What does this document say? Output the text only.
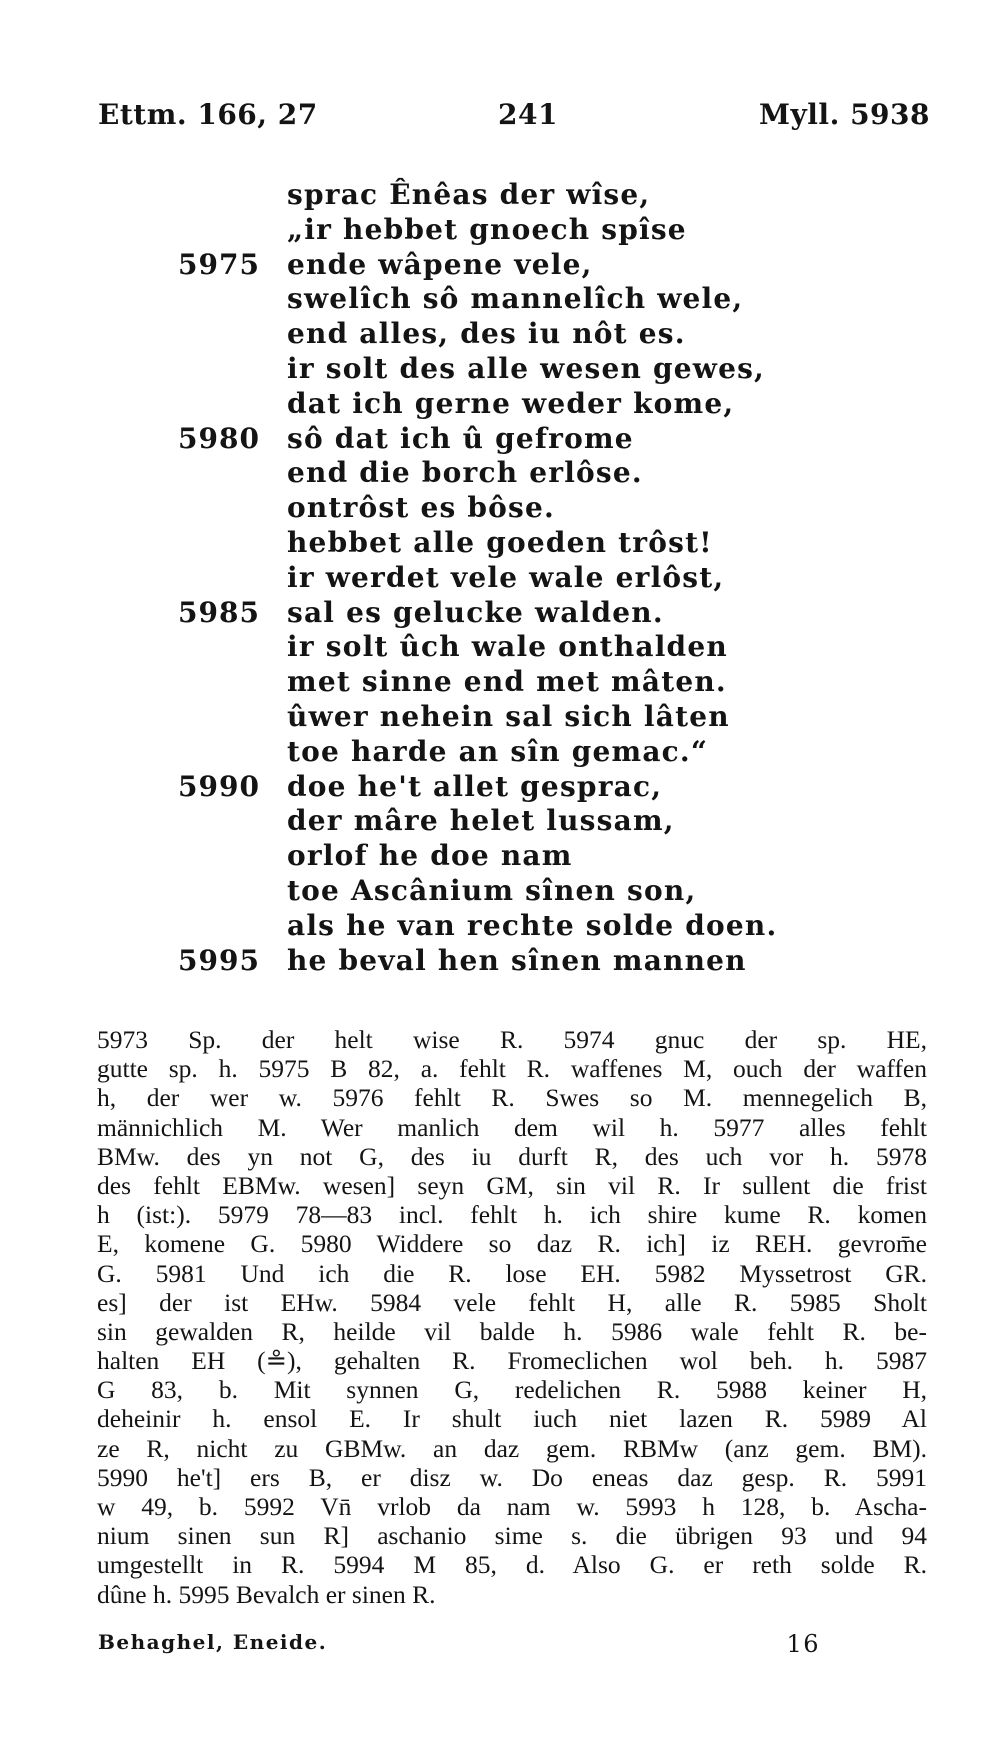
Ettm. 166, 27	241	Myll. 5938
sprac Ênêas der wîse,
„ir hebbet gnoech spîse
5975 ende wâpene vele,
swelîch sô mannelîch wele,
end alles, des iu nôt es.
ir solt des alle wesen gewes,
dat ich gerne weder kome,
5980 sô dat ich û gefrome
end die borch erlôse.
ontrôst es bôse.
hebbet alle goeden trôst!
ir werdet vele wale erlôst,
5985 sal es gelucke walden.
ir solt ûch wale onthalden
met sinne end met mâten.
ûwer nehein sal sich lâten
toe harde an sîn gemac.“
5990 doe he't allet gesprac,
der mâre helet lussam,
orlof he doe nam
toe Ascânium sînen son,
als he van rechte solde doen.
5995 he beval hen sînen mannen
5973 Sp. der helt wise R. 5974 gnuc der sp. HE,
gutte sp. h. 5975 B 82, a. fehlt R. waffenes M, ouch der waffen
h, der wer w. 5976 fehlt R. Swes so M. mennegelich B,
männichlich M. Wer manlich dem wil h. 5977 alles fehlt
BMw. des yn not G, des iu durft R, des uch vor h. 5978
des fehlt EBMw. wesen] seyn GM, sin vil R. Ir sullent die frist
h (ist:). 5979 78—83 incl. fehlt h. ich shire kume R. komen
E, komene G. 5980 Widdere so daz R. ich] iz REH. gevrom̄e
G. 5981 Und ich die R. lose EH. 5982 Myssetrost GR.
es] der ist EHw. 5984 vele fehlt H, alle R. 5985 Sholt
sin gewalden R, heilde vil balde h. 5986 wale fehlt R. be-
halten EH (≗), gehalten R. Fromeclichen wol beh. h. 5987
G 83, b. Mit synnen G, redelichen R. 5988 keiner H,
deheinir h. ensol E. Ir shult iuch niet lazen R. 5989 Al
ze R, nicht zu GBMw. an daz gem. RBMw (anz gem. BM).
5990 he't] ers B, er disz w. Do eneas daz gesp. R. 5991
w 49, b. 5992 Vn̄ vrlob da nam w. 5993 h 128, b. Ascha-
nium sinen sun R] aschanio sime s. die übrigen 93 und 94
umgestellt in R. 5994 M 85, d. Also G. er reth solde R.
dûne h. 5995 Bevalch er sinen R.
Behaghel, Eneide.	16
